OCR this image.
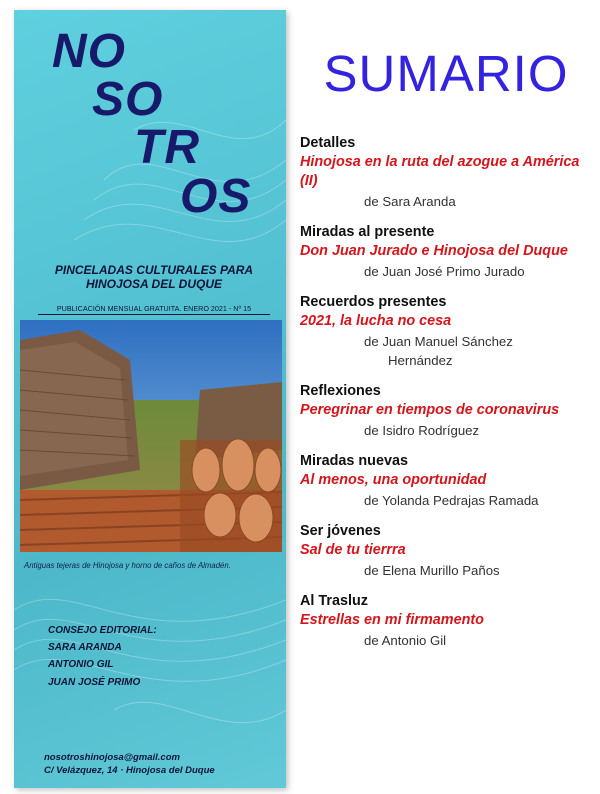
NO
SO
TR
OS
PINCELADAS CULTURALES PARA
HINOJOSA DEL DUQUE
PUBLICACIÓN MENSUAL GRATUITA. ENERO 2021 - Nº 15
Antiguas tejeras de Hinojosa y horno de caños de Almadén.
CONSEJO EDITORIAL:
SARA ARANDA
ANTONIO GIL
JUAN JOSÉ PRIMO
nosotroshinojosa@gmail.com
C/ Velázquez, 14 · Hinojosa del Duque
SUMARIO
Detalles
Hinojosa en la ruta del azogue a América (II)
de Sara Aranda
Miradas al presente
Don Juan Jurado e Hinojosa del Duque
de Juan José Primo Jurado
Recuerdos presentes
2021, la lucha no cesa
de Juan Manuel Sánchez
Hernández
Reflexiones
Peregrinar en tiempos de coronavirus
de Isidro Rodríguez
Miradas nuevas
Al menos, una oportunidad
de Yolanda Pedrajas Ramada
Ser jóvenes
Sal de tu tierrra
de Elena Murillo Paños
Al Trasluz
Estrellas en mi firmamento
de Antonio Gil
